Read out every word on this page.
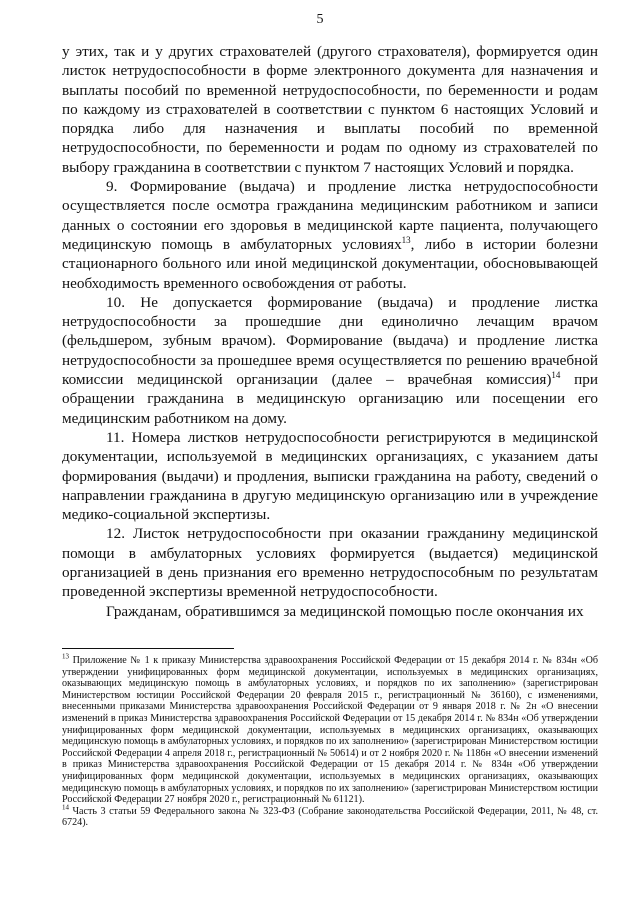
5

у этих, так и у других страхователей (другого страхователя), формируется один листок нетрудоспособности в форме электронного документа для назначения и выплаты пособий по временной нетрудоспособности, по беременности и родам по каждому из страхователей в соответствии с пунктом 6 настоящих Условий и порядка либо для назначения и выплаты пособий по временной нетрудоспособности, по беременности и родам по одному из страхователей по выбору гражданина в соответствии с пунктом 7 настоящих Условий и порядка.

9. Формирование (выдача) и продление листка нетрудоспособности осуществляется после осмотра гражданина медицинским работником и записи данных о состоянии его здоровья в медицинской карте пациента, получающего медицинскую помощь в амбулаторных условиях$^{13}$, либо в истории болезни стационарного больного или иной медицинской документации, обосновывающей необходимость временного освобождения от работы.

10. Не допускается формирование (выдача) и продление листка нетрудоспособности за прошедшие дни единолично лечащим врачом (фельдшером, зубным врачом). Формирование (выдача) и продление листка нетрудоспособности за прошедшее время осуществляется по решению врачебной комиссии медицинской организации (далее – врачебная комиссия)$^{14}$ при обращении гражданина в медицинскую организацию или посещении его медицинским работником на дому.

11. Номера листков нетрудоспособности регистрируются в медицинской документации, используемой в медицинских организациях, с указанием даты формирования (выдачи) и продления, выписки гражданина на работу, сведений о направлении гражданина в другую медицинскую организацию или в учреждение медико-социальной экспертизы.

12. Листок нетрудоспособности при оказании гражданину медицинской помощи в амбулаторных условиях формируется (выдается) медицинской организацией в день признания его временно нетрудоспособным по результатам проведенной экспертизы временной нетрудоспособности.

Гражданам, обратившимся за медицинской помощью после окончания их

$^{13}$ Приложение № 1 к приказу Министерства здравоохранения Российской Федерации от 15 декабря 2014 г. № 834н «Об утверждении унифицированных форм медицинской документации, используемых в медицинских организациях, оказывающих медицинскую помощь в амбулаторных условиях, и порядков по их заполнению» (зарегистрирован Министерством юстиции Российской Федерации 20 февраля 2015 г., регистрационный № 36160), с изменениями, внесенными приказами Министерства здравоохранения Российской Федерации от 9 января 2018 г. № 2н «О внесении изменений в приказ Министерства здравоохранения Российской Федерации от 15 декабря 2014 г. № 834н «Об утверждении унифицированных форм медицинской документации, используемых в медицинских организациях, оказывающих медицинскую помощь в амбулаторных условиях, и порядков по их заполнению» (зарегистрирован Министерством юстиции Российской Федерации 4 апреля 2018 г., регистрационный № 50614) и от 2 ноября 2020 г. № 1186н «О внесении изменений в приказ Министерства здравоохранения Российской Федерации от 15 декабря 2014 г. № 834н «Об утверждении унифицированных форм медицинской документации, используемых в медицинских организациях, оказывающих медицинскую помощь в амбулаторных условиях, и порядков по их заполнению» (зарегистрирован Министерством юстиции Российской Федерации 27 ноября 2020 г., регистрационный № 61121).

$^{14}$ Часть 3 статьи 59 Федерального закона № 323-ФЗ (Собрание законодательства Российской Федерации, 2011, № 48, ст. 6724).
